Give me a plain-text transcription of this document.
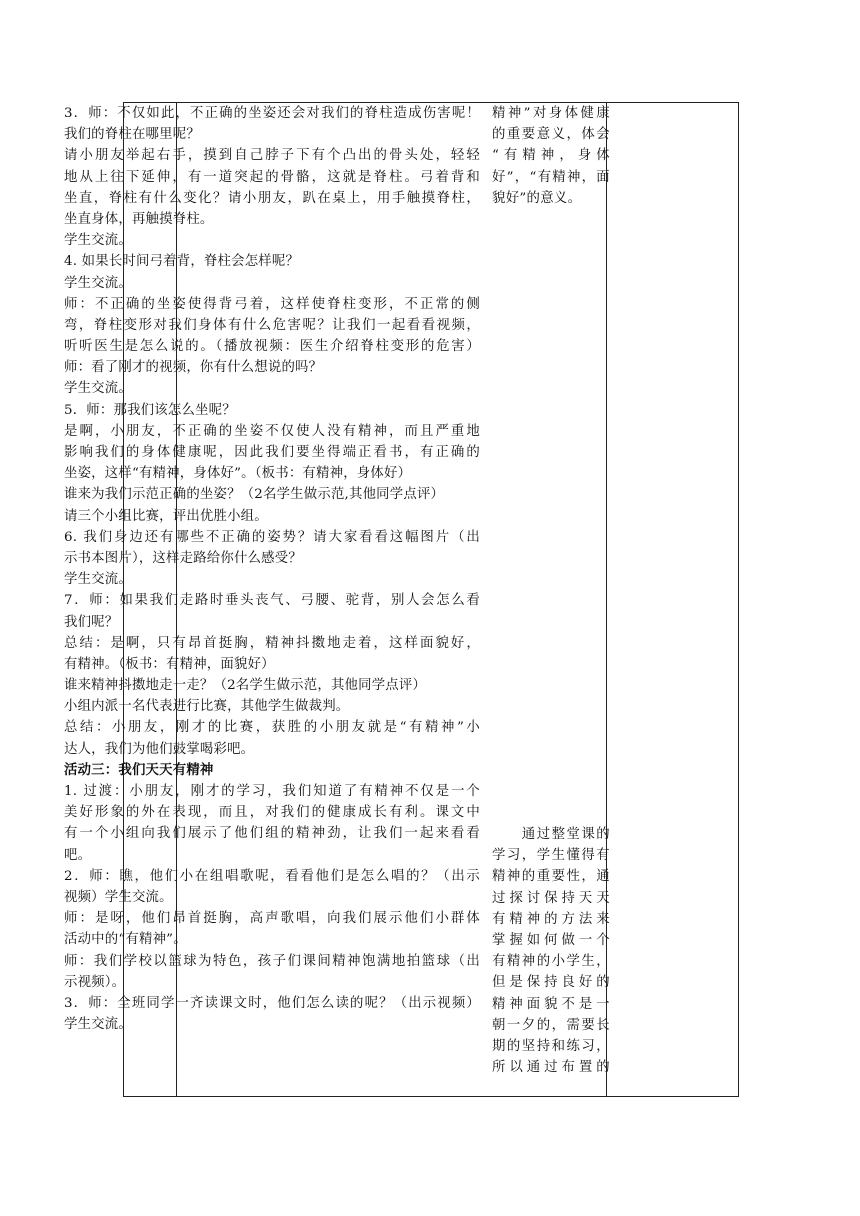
3．师：不仅如此，不正确的坐姿还会对我们的脊柱造成伤害呢！
我们的脊柱在哪里呢？
请小朋友举起右手，摸到自己脖子下有个凸出的骨头处，轻轻
地从上往下延伸，有一道突起的骨骼，这就是脊柱。弓着背和
坐直，脊柱有什么变化？请小朋友，趴在桌上，用手触摸脊柱，
坐直身体，再触摸脊柱。
学生交流。
4. 如果长时间弓着背，脊柱会怎样呢？
学生交流。
师：不正确的坐姿使得背弓着，这样使脊柱变形，不正常的侧
弯，脊柱变形对我们身体有什么危害呢？让我们一起看看视频，
听听医生是怎么说的。（播放视频：医生介绍脊柱变形的危害）
师：看了刚才的视频，你有什么想说的吗？
学生交流。
5．师：那我们该怎么坐呢？
是啊，小朋友，不正确的坐姿不仅使人没有精神，而且严重地
影响我们的身体健康呢，因此我们要坐得端正看书，有正确的
坐姿，这样“有精神，身体好”。（板书：有精神，身体好）
谁来为我们示范正确的坐姿？（2名学生做示范,其他同学点评）
请三个小组比赛，评出优胜小组。
6. 我们身边还有哪些不正确的姿势？请大家看看这幅图片（出
示书本图片），这样走路给你什么感受？
学生交流。
7．师：如果我们走路时垂头丧气、弓腰、驼背，别人会怎么看
我们呢？
总结：是啊，只有昂首挺胸，精神抖擞地走着，这样面貌好，
有精神。（板书：有精神，面貌好）
谁来精神抖擞地走一走？（2名学生做示范，其他同学点评）
小组内派一名代表进行比赛，其他学生做裁判。
总结：小朋友，刚才的比赛，获胜的小朋友就是“有精神”小
达人，我们为他们鼓掌喝彩吧。
活动三：我们天天有精神
1. 过渡：小朋友，刚才的学习，我们知道了有精神不仅是一个
美好形象的外在表现，而且，对我们的健康成长有利。课文中
有一个小组向我们展示了他们组的精神劲，让我们一起来看看
吧。
2．师：瞧，他们小在组唱歌呢，看看他们是怎么唱的？（出示
视频）学生交流。
师：是呀，他们昂首挺胸，高声歌唱，向我们展示他们小群体
活动中的“有精神”。
师：我们学校以篮球为特色，孩子们课间精神饱满地拍篮球（出
示视频）。
3．师：全班同学一齐读课文时，他们怎么读的呢？（出示视频）
学生交流。
精神”对身体健康
的重要意义，体会
“有精神，身体
好”，“有精神，面
貌好”的意义。
　　通过整堂课的
学习，学生懂得有
精神的重要性，通
过探讨保持天天
有精神的方法来
掌握如何做一个
有精神的小学生，
但是保持良好的
精神面貌不是一
朝一夕的，需要长
期的坚持和练习，
所以通过布置的
